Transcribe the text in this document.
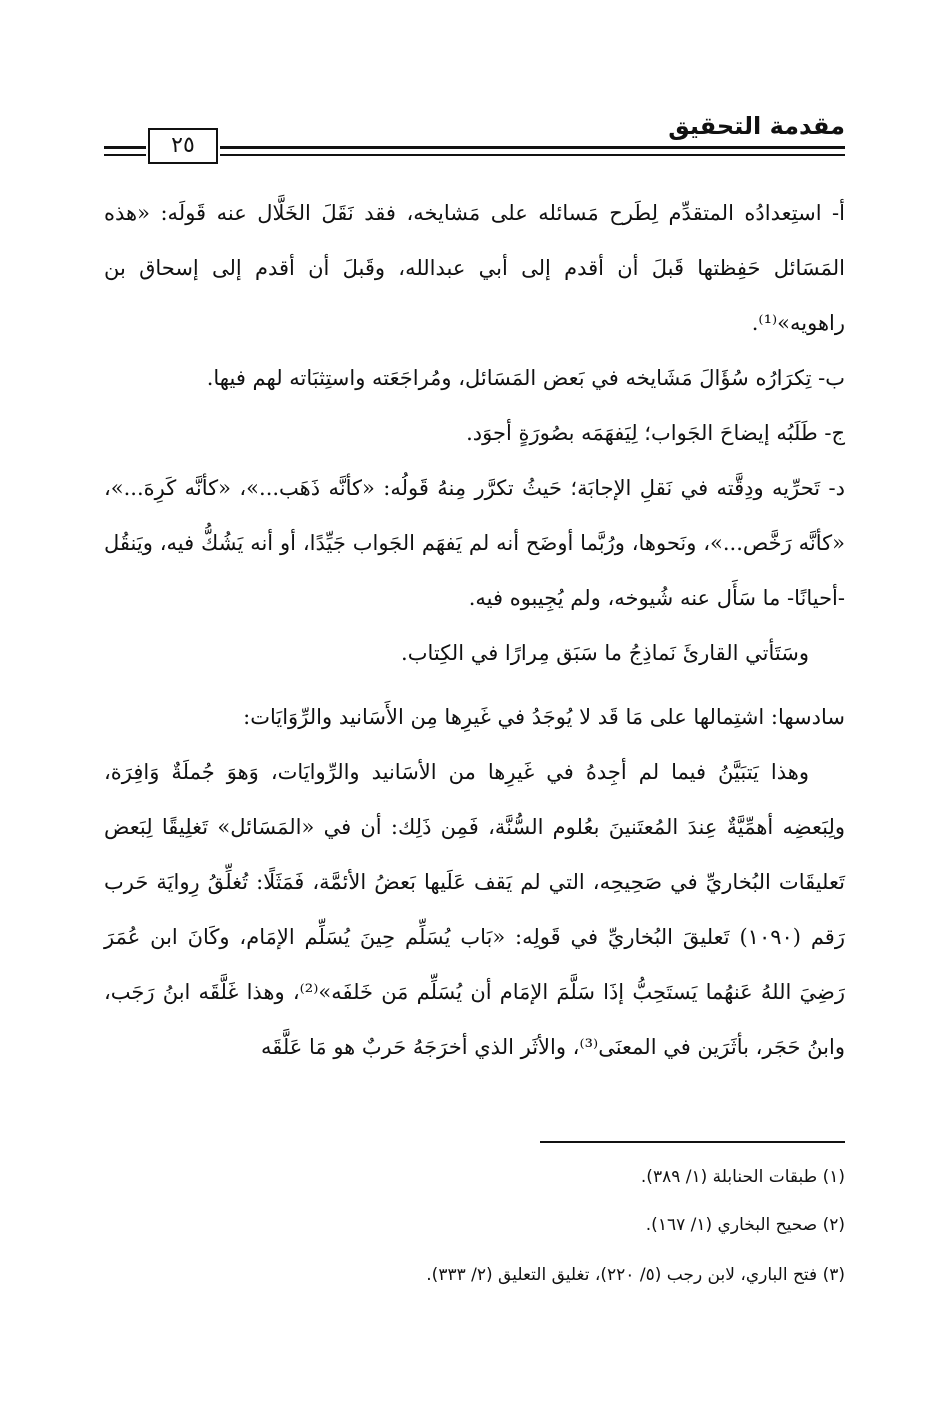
مقدمة التحقيق
٢٥

أ- استِعدادُه المتقدِّم لِطَرح مَسائله على مَشايخه، فقد نَقَلَ الخَلَّال عنه قَولَه: «هذه المَسَائل حَفِظتها قَبلَ أن أقدم إلى أبي عبدالله، وقَبلَ أن أقدم إلى إسحاق بن راهويه»⁽¹⁾.

ب- تِكرَارُه سُؤَالَ مَشَايخه في بَعض المَسَائل، ومُراجَعَته واستِثبَاته لهم فيها.

ج- طَلَبُه إيضاحَ الجَواب؛ لِيَفهَمَه بصُورَةٍ أجوَد.

د- تَحرِّيه ودِقَّته في نَقلِ الإجابَة؛ حَيثُ تكرَّر مِنهُ قَولُه: «كأنَّه ذَهَب...»، «كأنَّه كَرِهَ...»، «كأنَّه رَخَّص...»، ونَحوها، ورُبَّما أوضَح أنه لم يَفهَم الجَواب جَيِّدًا، أو أنه يَشُكُّ فيه، ويَنقُل -أحيانًا- ما سَأَل عنه شُيوخه، ولم يُجِيبوه فيه.

وسَتَأتي القارئَ نَماذِجُ ما سَبَق مِرارًا في الكِتاب.

سادسها: اشتِمالها على مَا قَد لا يُوجَدُ في غَيرِها مِن الأَسَانيد والرِّوَايَات:

وهذا يَتبَيَّنُ فيما لم أجِدهُ في غَيرِها من الأسَانيد والرِّوايَات، وَهوَ جُملَةٌ وَافِرَة، ولِبَعضِه أهمِّيَّةٌ عِندَ المُعتَنينَ بعُلوم السُّنَّة، فَمِن ذَلِك: أن في «المَسَائل» تَغلِيقًا لِبَعض تَعليقَات البُخاريِّ في صَحِيحِه، التي لم يَقف عَلَيها بَعضُ الأئمَّة، فَمَثَلًا: تُغلِّقُ رِوايَة حَرب رَقم (١٠٩٠) تَعليقَ البُخاريِّ في قَولِه: «بَاب يُسَلِّم حِينَ يُسَلِّم الإمَام، وكَانَ ابن عُمَرَ رَضِيَ اللهُ عَنهُما يَستَحِبُّ إذَا سَلَّمَ الإمَام أن يُسَلِّم مَن خَلفَه»⁽²⁾، وهذا غَلَّقَه ابنُ رَجَب، وابنُ حَجَر، بأثَرَين في المعنَى⁽³⁾، والأثَر الذي أخرَجَهُ حَربٌ هو مَا عَلَّقَه

(١) طبقات الحنابلة (١/ ٣٨٩).
(٢) صحيح البخاري (١/ ١٦٧).
(٣) فتح الباري، لابن رجب (٥/ ٢٢٠)، تغليق التعليق (٢/ ٣٣٣).
